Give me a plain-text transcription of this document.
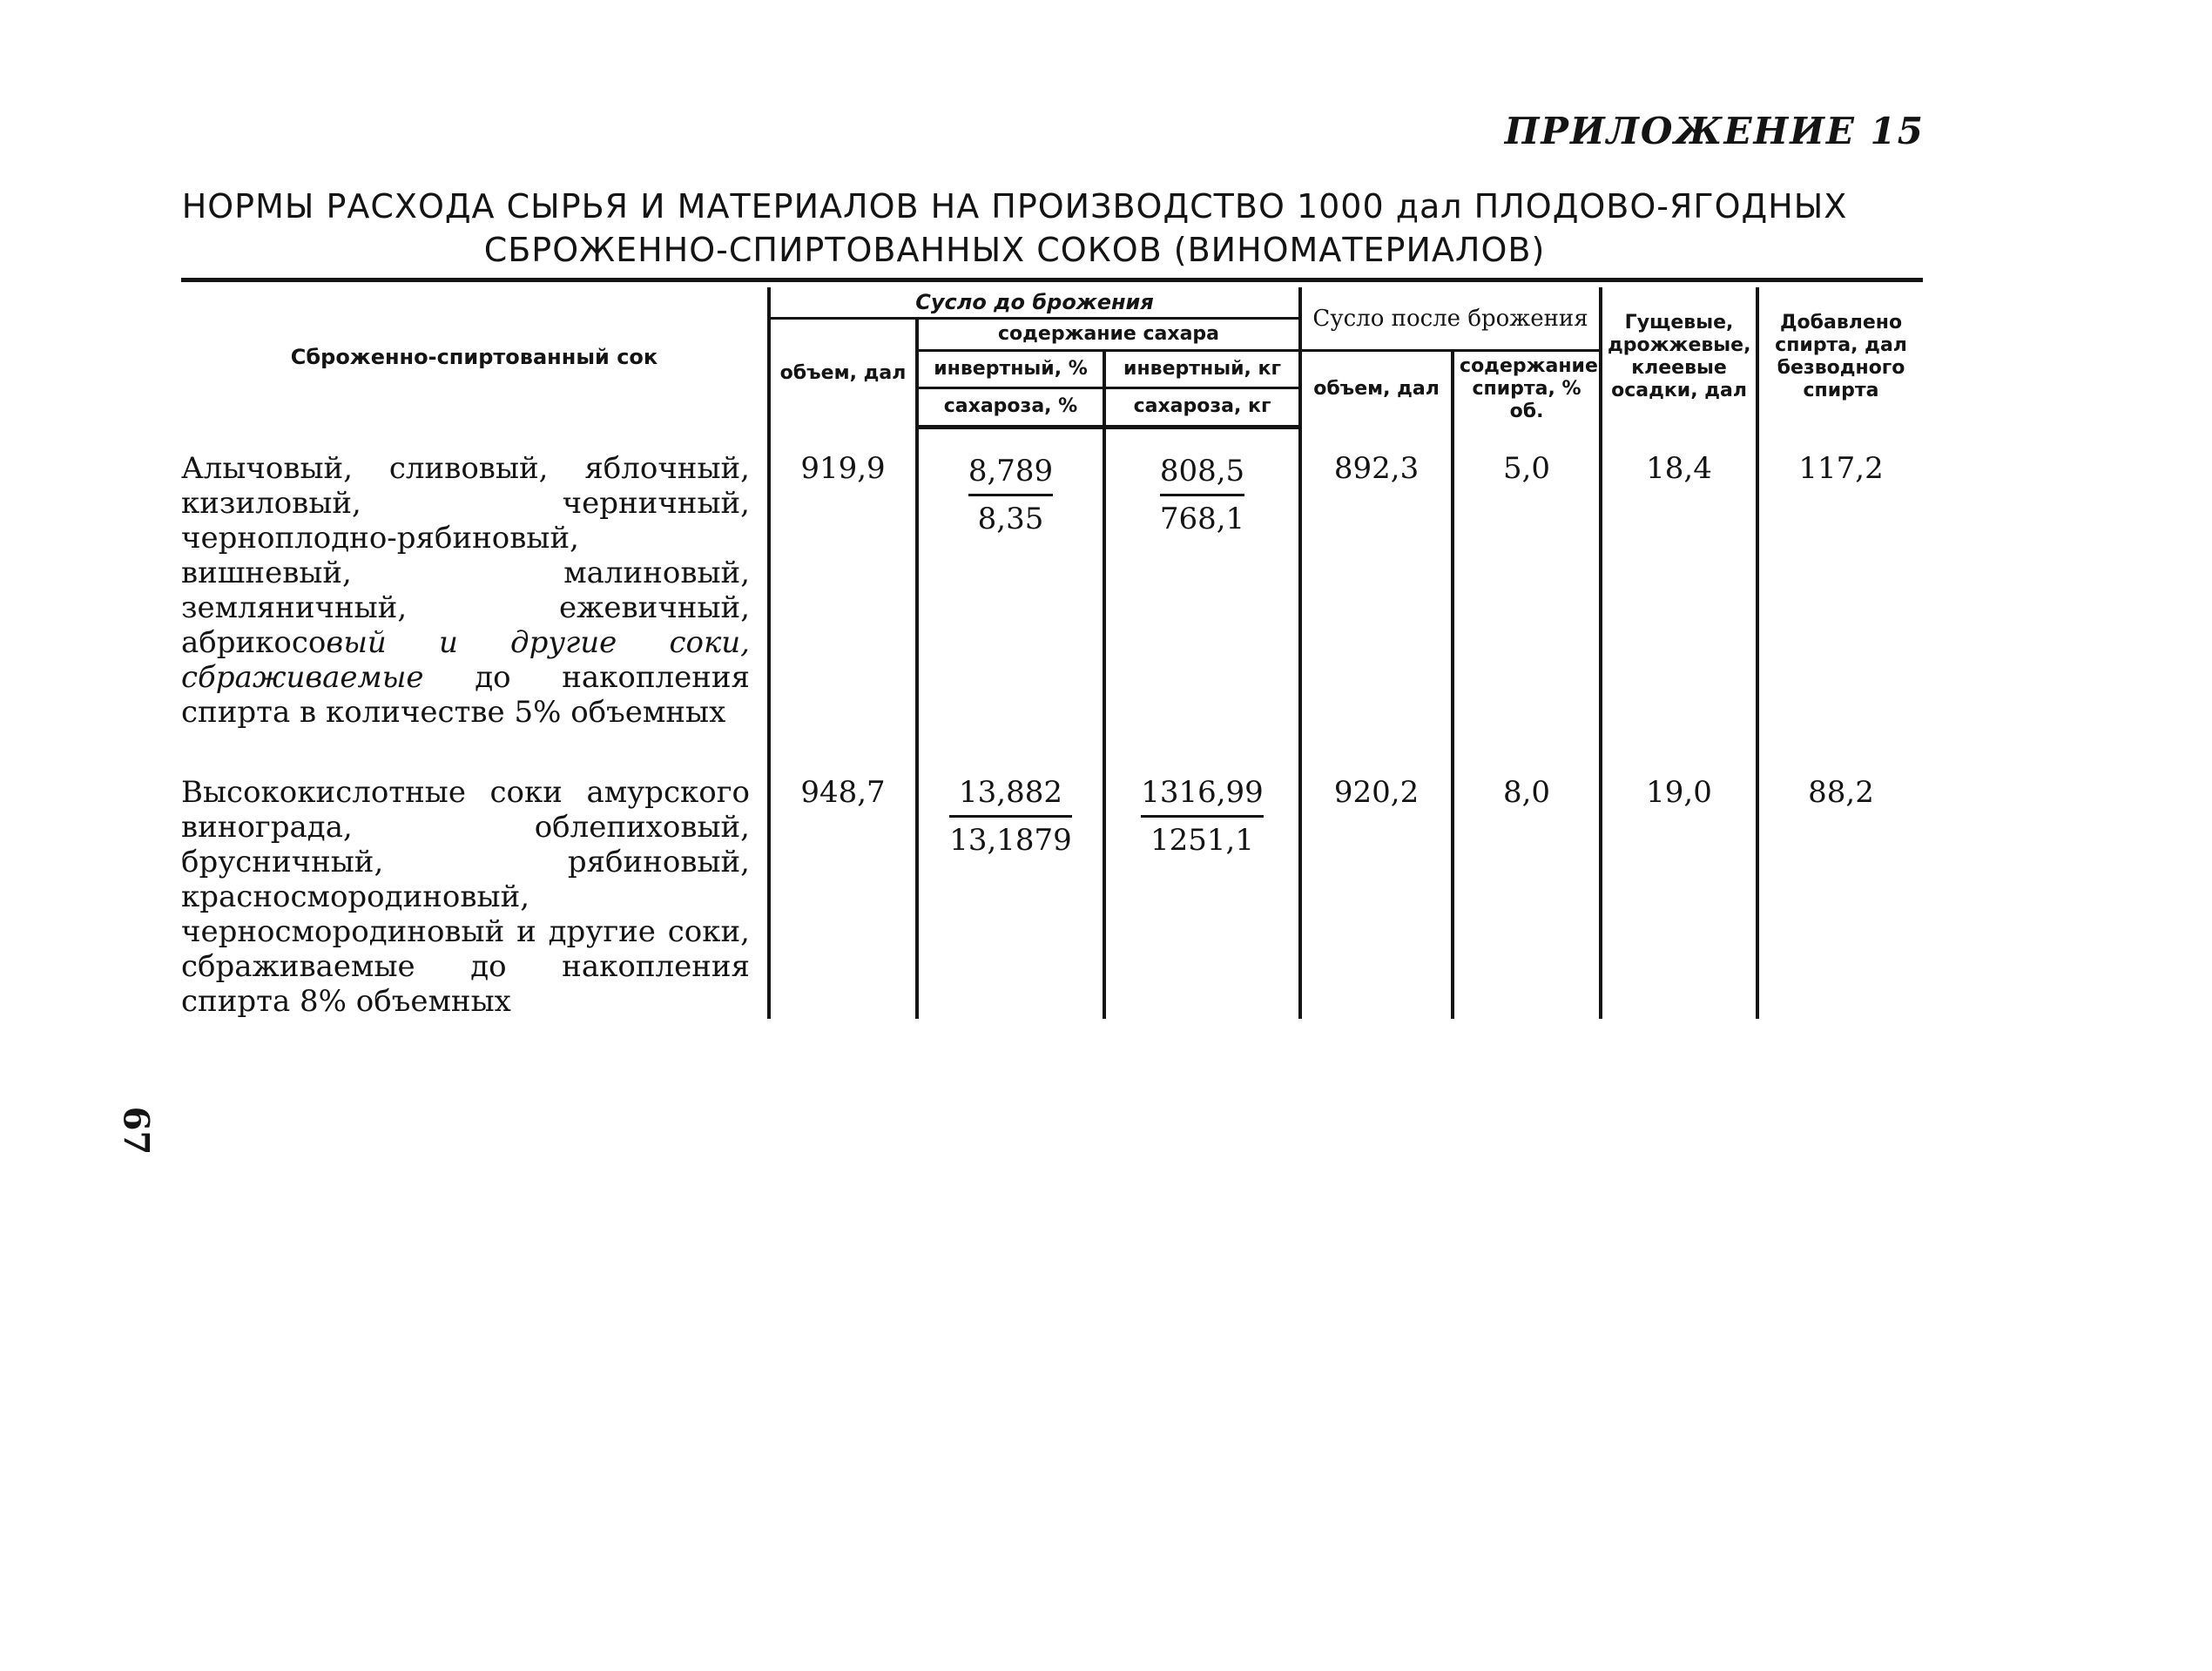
ПРИЛОЖЕНИЕ 15
НОРМЫ РАСХОДА СЫРЬЯ И МАТЕРИАЛОВ НА ПРОИЗВОДСТВО 1000 дал ПЛОДОВО-ЯГОДНЫХ
СБРОЖЕННО-СПИРТОВАННЫХ СОКОВ (ВИНОМАТЕРИАЛОВ)
Сброженно-спиртованный сок	Сусло до брожения			Сусло после брожения		Гущевые, дрожжевые, клеевые осадки, дал	Добавлено спирта, дал безводного спирта
	объем, дал	содержание сахара					
		инвертный, %	инвертный, кг	объем, дал	содержание спирта, % об.		
		сахароза, %	сахароза, кг				
Алычовый, сливовый, яблочный, кизиловый, черничный, черноплодно-рябиновый, вишневый, малиновый, земляничный, ежевичный, абрикосовый и другие соки, сбраживаемые до накопления спирта в количестве 5% объемных	919,9	$\frac{8,789}{8,35}$	$\frac{808,5}{768,1}$	892,3	5,0	18,4	117,2

Высококислотные соки амурского винограда, облепиховый, брусничный, рябиновый, красносмородиновый, черносмородиновый и другие соки, сбраживаемые до накопления спирта 8% объемных	948,7	$\frac{13,882}{13,1879}$	$\frac{1316,99}{1251,1}$	920,2	8,0	19,0	88,2
67
